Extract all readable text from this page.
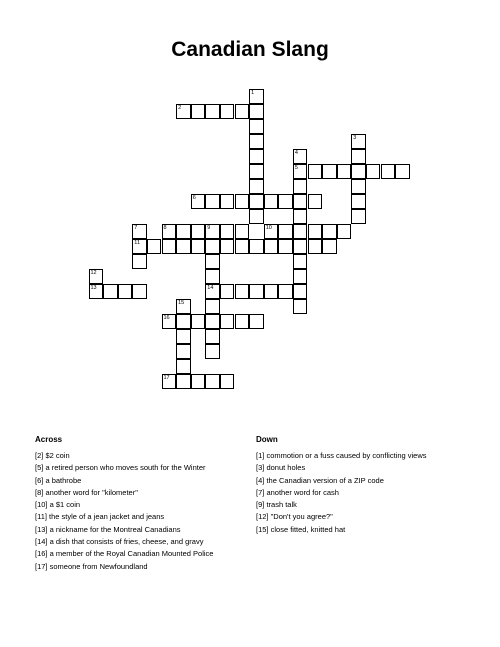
Canadian Slang
1
2
3
4
5
6
7
11
8	9
14
10
12
13
15
16
17
Across
[2] $2 coin
[5] a retired person who moves south for the Winter
[6] a bathrobe
[8] another word for "kilometer"
[10] a $1 coin
[11] the style of a jean jacket and jeans
[13] a nickname for the Montreal Canadians
[14] a dish that consists of fries, cheese, and gravy
[16] a member of the Royal Canadian Mounted Police
[17] someone from Newfoundland
Down
[1] commotion or a fuss caused by conflicting views
[3] donut holes
[4] the Canadian version of a ZIP code
[7] another word for cash
[9] trash talk
[12] "Don't you agree?"
[15] close fitted, knitted hat
